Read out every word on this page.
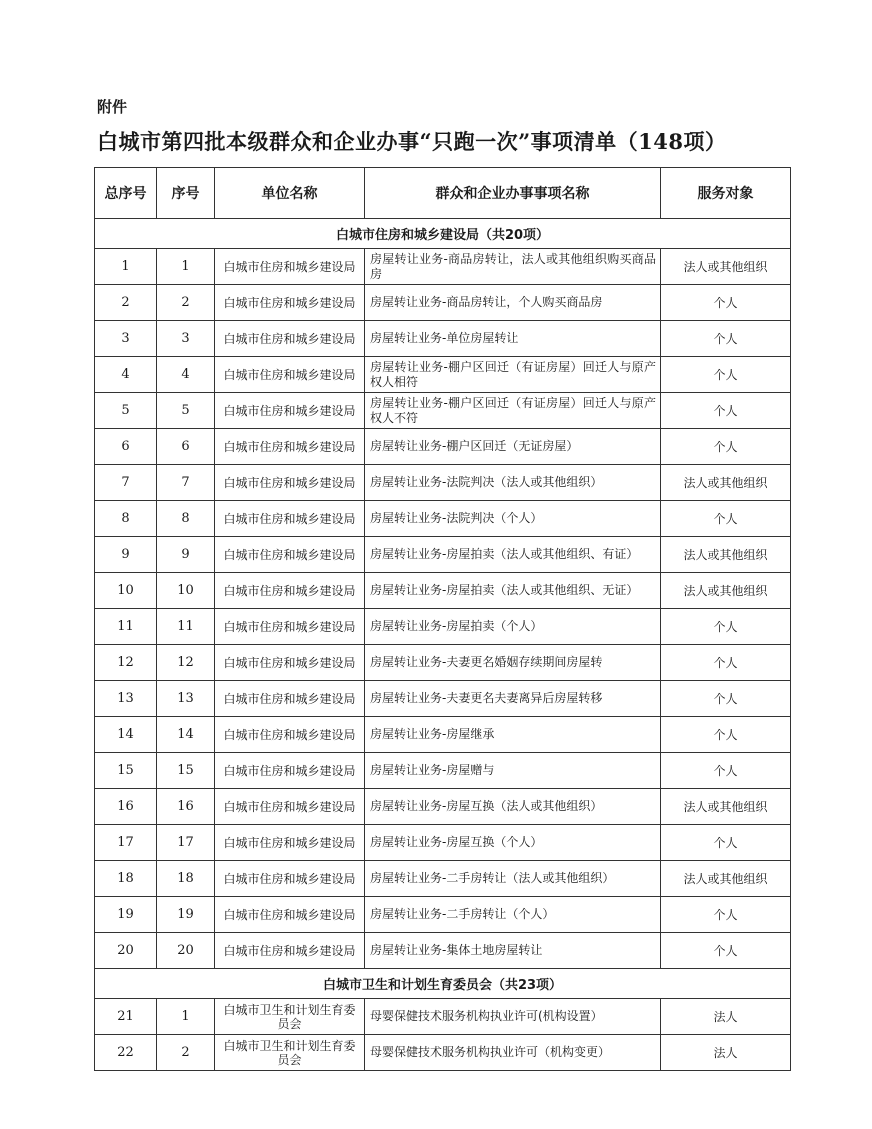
附件
白城市第四批本级群众和企业办事“只跑一次”事项清单（148项）
总序号	序号	单位名称	群众和企业办事事项名称	服务对象
白城市住房和城乡建设局（共20项）				
1	1	白城市住房和城乡建设局	房屋转让业务-商品房转让，法人或其他组织购买商品房	法人或其他组织
2	2	白城市住房和城乡建设局	房屋转让业务-商品房转让，个人购买商品房	个人
3	3	白城市住房和城乡建设局	房屋转让业务-单位房屋转让	个人
4	4	白城市住房和城乡建设局	房屋转让业务-棚户区回迁（有证房屋）回迁人与原产权人相符	个人
5	5	白城市住房和城乡建设局	房屋转让业务-棚户区回迁（有证房屋）回迁人与原产权人不符	个人
6	6	白城市住房和城乡建设局	房屋转让业务-棚户区回迁（无证房屋）	个人
7	7	白城市住房和城乡建设局	房屋转让业务-法院判决（法人或其他组织）	法人或其他组织
8	8	白城市住房和城乡建设局	房屋转让业务-法院判决（个人）	个人
9	9	白城市住房和城乡建设局	房屋转让业务-房屋拍卖（法人或其他组织、有证）	法人或其他组织
10	10	白城市住房和城乡建设局	房屋转让业务-房屋拍卖（法人或其他组织、无证）	法人或其他组织
11	11	白城市住房和城乡建设局	房屋转让业务-房屋拍卖（个人）	个人
12	12	白城市住房和城乡建设局	房屋转让业务-夫妻更名婚姻存续期间房屋转	个人
13	13	白城市住房和城乡建设局	房屋转让业务-夫妻更名夫妻离异后房屋转移	个人
14	14	白城市住房和城乡建设局	房屋转让业务-房屋继承	个人
15	15	白城市住房和城乡建设局	房屋转让业务-房屋赠与	个人
16	16	白城市住房和城乡建设局	房屋转让业务-房屋互换（法人或其他组织）	法人或其他组织
17	17	白城市住房和城乡建设局	房屋转让业务-房屋互换（个人）	个人
18	18	白城市住房和城乡建设局	房屋转让业务-二手房转让（法人或其他组织）	法人或其他组织
19	19	白城市住房和城乡建设局	房屋转让业务-二手房转让（个人）	个人
20	20	白城市住房和城乡建设局	房屋转让业务-集体土地房屋转让	个人
白城市卫生和计划生育委员会（共23项）				
21	1	白城市卫生和计划生育委员会	母婴保健技术服务机构执业许可(机构设置）	法人
22	2	白城市卫生和计划生育委员会	母婴保健技术服务机构执业许可（机构变更）	法人
